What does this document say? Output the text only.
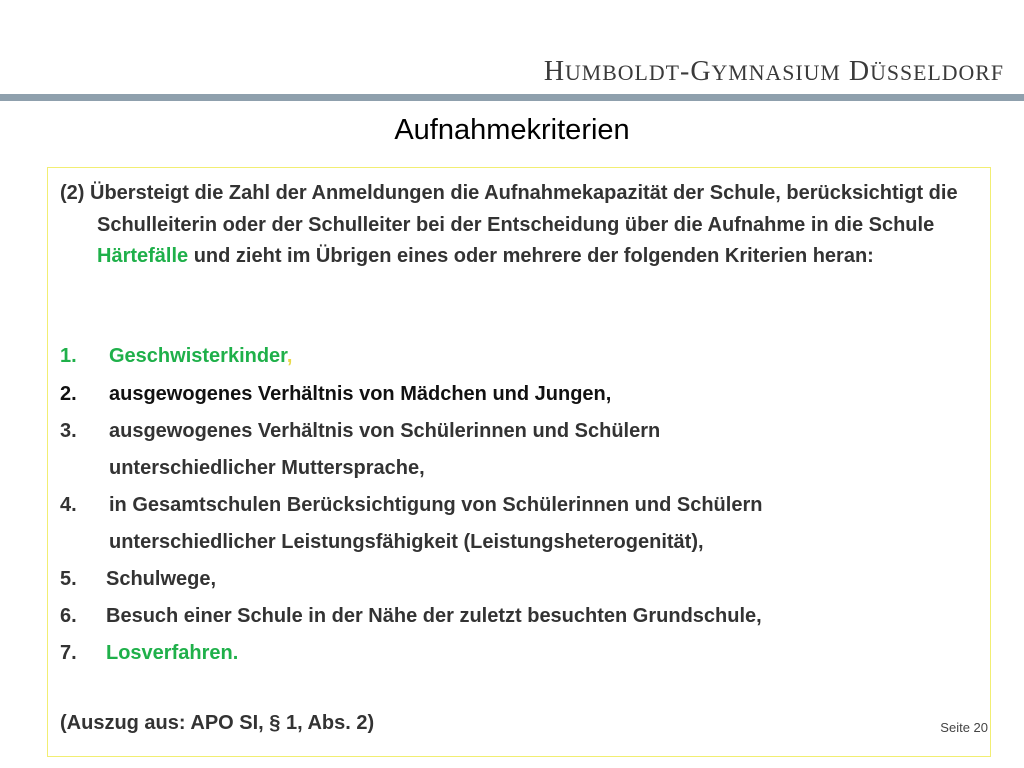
HUMBOLDT-GYMNASIUM DÜSSELDORF
Aufnahmekriterien
(2) Übersteigt die Zahl der Anmeldungen die Aufnahmekapazität der Schule, berücksichtigt die Schulleiterin oder der Schulleiter bei der Entscheidung über die Aufnahme in die Schule Härtefälle und zieht im Übrigen eines oder mehrere der folgenden Kriterien heran:
1. Geschwisterkinder,
2. ausgewogenes Verhältnis von Mädchen und Jungen,
3. ausgewogenes Verhältnis von Schülerinnen und Schülern
unterschiedlicher Muttersprache,
4. in Gesamtschulen Berücksichtigung von Schülerinnen und Schülern
unterschiedlicher Leistungsfähigkeit (Leistungsheterogenität),
5. Schulwege,
6. Besuch einer Schule in der Nähe der zuletzt besuchten Grundschule,
7. Losverfahren.
(Auszug aus: APO SI, § 1, Abs. 2)	Seite 20
